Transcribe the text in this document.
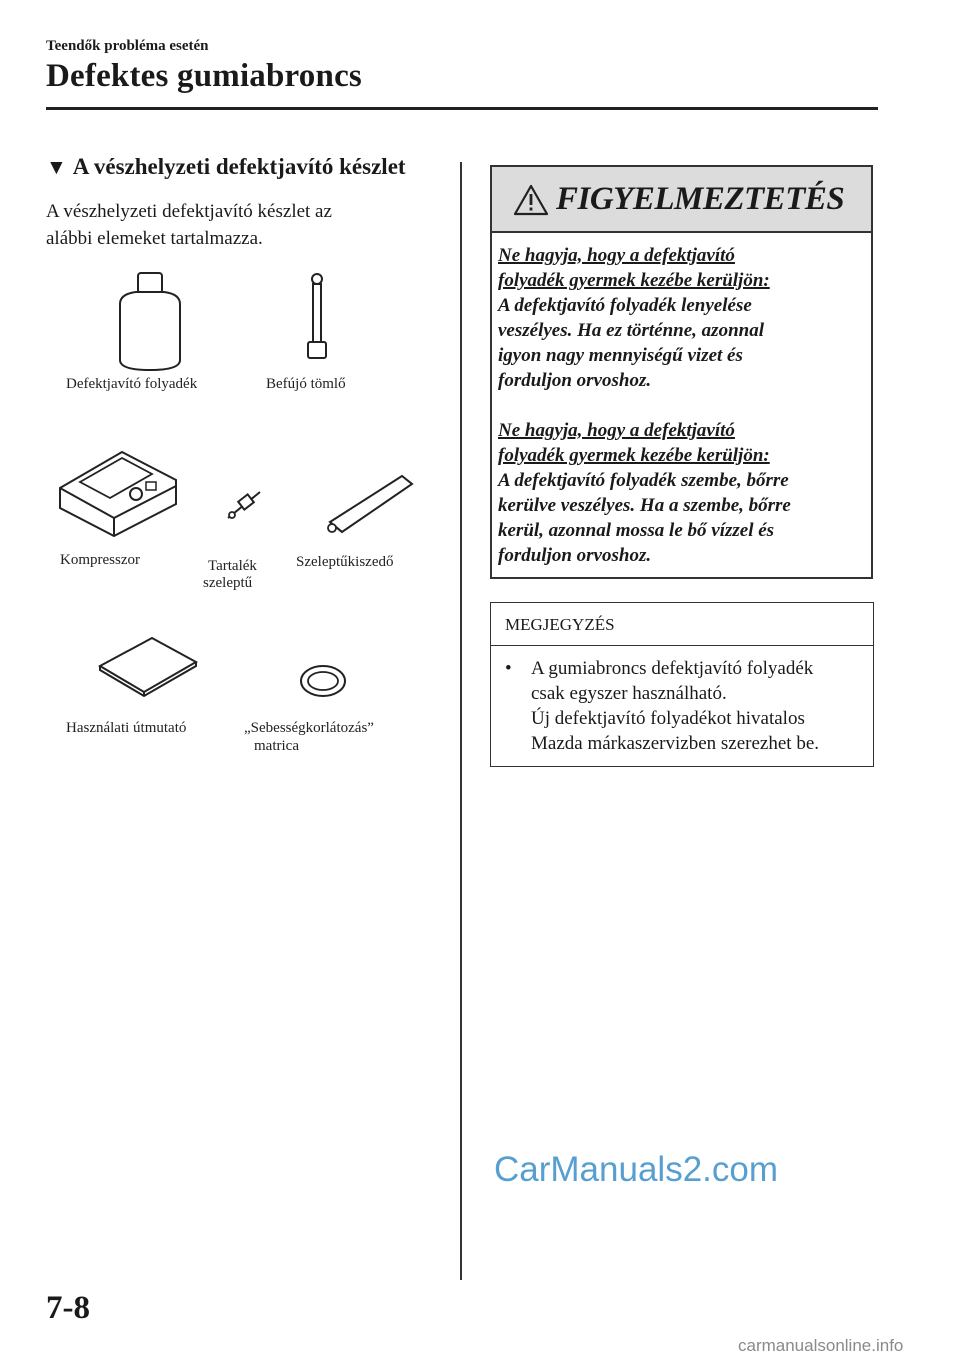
Teendők probléma esetén
Defektes gumiabroncs
▼ A vészhelyzeti defektjavító készlet
A vészhelyzeti defektjavító készlet az
alábbi elemeket tartalmazza.
Defektjavító folyadék	Befújó tömlő
Kompresszor	Tartalék
szeleptű
Szeleptűkiszedő
Használati útmutató	„Sebességkorlátozás”
matrica
FIGYELMEZTETÉS

Ne hagyja, hogy a defektjavító

folyadék gyermek kezébe kerüljön:

A defektjavító folyadék lenyelése

veszélyes. Ha ez történne, azonnal

igyon nagy mennyiségű vizet és

forduljon orvoshoz.

Ne hagyja, hogy a defektjavító

folyadék gyermek kezébe kerüljön:

A defektjavító folyadék szembe, bőrre

kerülve veszélyes. Ha a szembe, bőrre

kerül, azonnal mossa le bő vízzel és

forduljon orvoshoz.

MEGJEGYZÉS
• A gumiabroncs defektjavító folyadék
csak egyszer használható.
Új defektjavító folyadékot hivatalos
Mazda márkaszervizben szerezhet be.
CarManuals2.com
7-8
carmanualsonline.info
